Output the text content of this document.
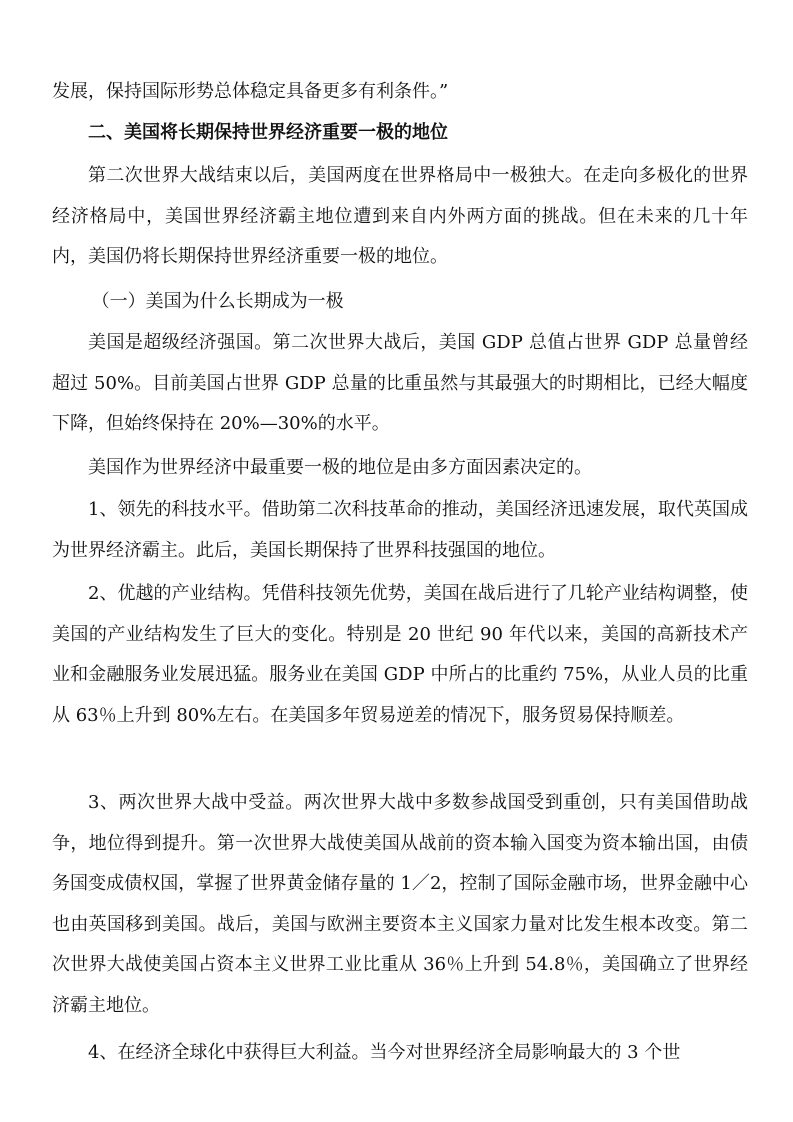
发展，保持国际形势总体稳定具备更多有利条件。”

二、美国将长期保持世界经济重要一极的地位

第二次世界大战结束以后，美国两度在世界格局中一极独大。在走向多极化的世界经济格局中，美国世界经济霸主地位遭到来自内外两方面的挑战。但在未来的几十年内，美国仍将长期保持世界经济重要一极的地位。

（一）美国为什么长期成为一极

美国是超级经济强国。第二次世界大战后，美国 GDP 总值占世界 GDP 总量曾经超过 50%。目前美国占世界 GDP 总量的比重虽然与其最强大的时期相比，已经大幅度下降，但始终保持在 20%—30%的水平。

美国作为世界经济中最重要一极的地位是由多方面因素决定的。

1、领先的科技水平。借助第二次科技革命的推动，美国经济迅速发展，取代英国成为世界经济霸主。此后，美国长期保持了世界科技强国的地位。

2、优越的产业结构。凭借科技领先优势，美国在战后进行了几轮产业结构调整，使美国的产业结构发生了巨大的变化。特别是 20 世纪 90 年代以来，美国的高新技术产业和金融服务业发展迅猛。服务业在美国 GDP 中所占的比重约 75%，从业人员的比重从 63％上升到 80%左右。在美国多年贸易逆差的情况下，服务贸易保持顺差。

3、两次世界大战中受益。两次世界大战中多数参战国受到重创，只有美国借助战争，地位得到提升。第一次世界大战使美国从战前的资本输入国变为资本输出国，由债务国变成债权国，掌握了世界黄金储存量的 1／2，控制了国际金融市场，世界金融中心也由英国移到美国。战后，美国与欧洲主要资本主义国家力量对比发生根本改变。第二次世界大战使美国占资本主义世界工业比重从 36％上升到 54.8％，美国确立了世界经济霸主地位。

4、在经济全球化中获得巨大利益。当今对世界经济全局影响最大的 3 个世
